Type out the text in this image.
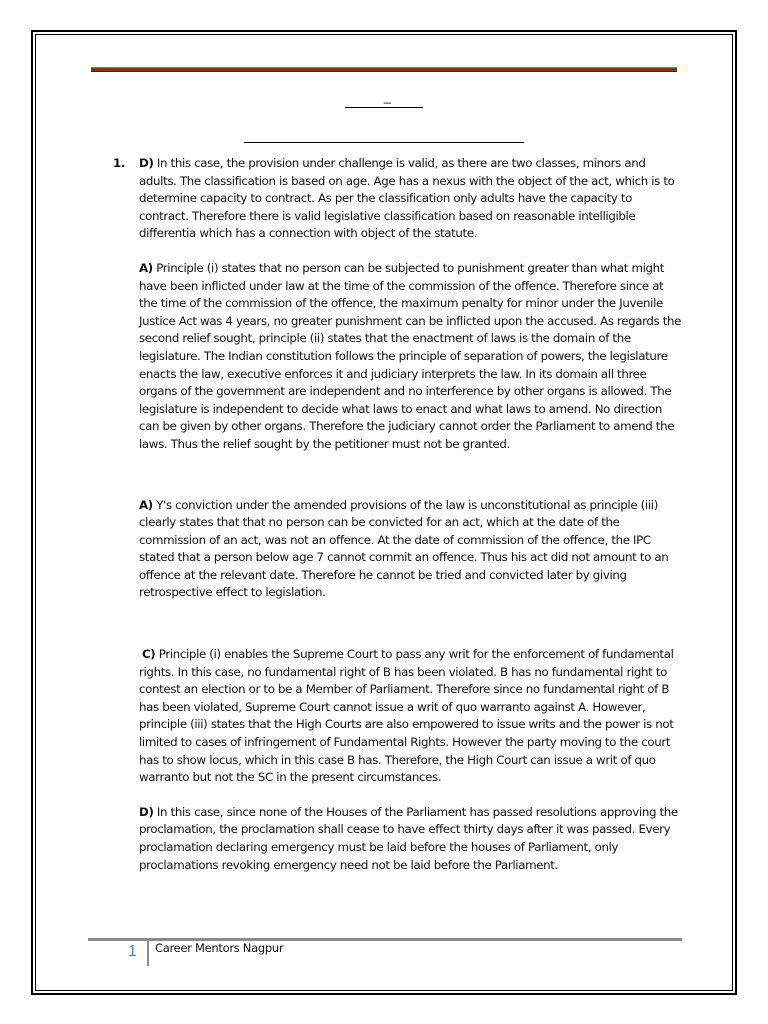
_
1. D) In this case, the provision under challenge is valid, as there are two classes, minors and adults. The classification is based on age. Age has a nexus with the object of the act, which is to determine capacity to contract. As per the classification only adults have the capacity to contract. Therefore there is valid legislative classification based on reasonable intelligible differentia which has a connection with object of the statute.

A) Principle (i) states that no person can be subjected to punishment greater than what might have been inflicted under law at the time of the commission of the offence. Therefore since at the time of the commission of the offence, the maximum penalty for minor under the Juvenile Justice Act was 4 years, no greater punishment can be inflicted upon the accused. As regards the second relief sought, principle (ii) states that the enactment of laws is the domain of the legislature. The Indian constitution follows the principle of separation of powers, the legislature enacts the law, executive enforces it and judiciary interprets the law. In its domain all three organs of the government are independent and no interference by other organs is allowed. The legislature is independent to decide what laws to enact and what laws to amend. No direction can be given by other organs. Therefore the judiciary cannot order the Parliament to amend the laws. Thus the relief sought by the petitioner must not be granted.

A) Y's conviction under the amended provisions of the law is unconstitutional as principle (iii) clearly states that that no person can be convicted for an act, which at the date of the commission of an act, was not an offence. At the date of commission of the offence, the IPC stated that a person below age 7 cannot commit an offence. Thus his act did not amount to an offence at the relevant date. Therefore he cannot be tried and convicted later by giving retrospective effect to legislation.

C) Principle (i) enables the Supreme Court to pass any writ for the enforcement of fundamental rights. In this case, no fundamental right of B has been violated. B has no fundamental right to contest an election or to be a Member of Parliament. Therefore since no fundamental right of B has been violated, Supreme Court cannot issue a writ of quo warranto against A. However, principle (iii) states that the High Courts are also empowered to issue writs and the power is not limited to cases of infringement of Fundamental Rights. However the party moving to the court has to show locus, which in this case B has. Therefore, the High Court can issue a writ of quo warranto but not the SC in the present circumstances.

D) In this case, since none of the Houses of the Parliament has passed resolutions approving the proclamation, the proclamation shall cease to have effect thirty days after it was passed. Every proclamation declaring emergency must be laid before the houses of Parliament, only proclamations revoking emergency need not be laid before the Parliament.

1 Career Mentors Nagpur
